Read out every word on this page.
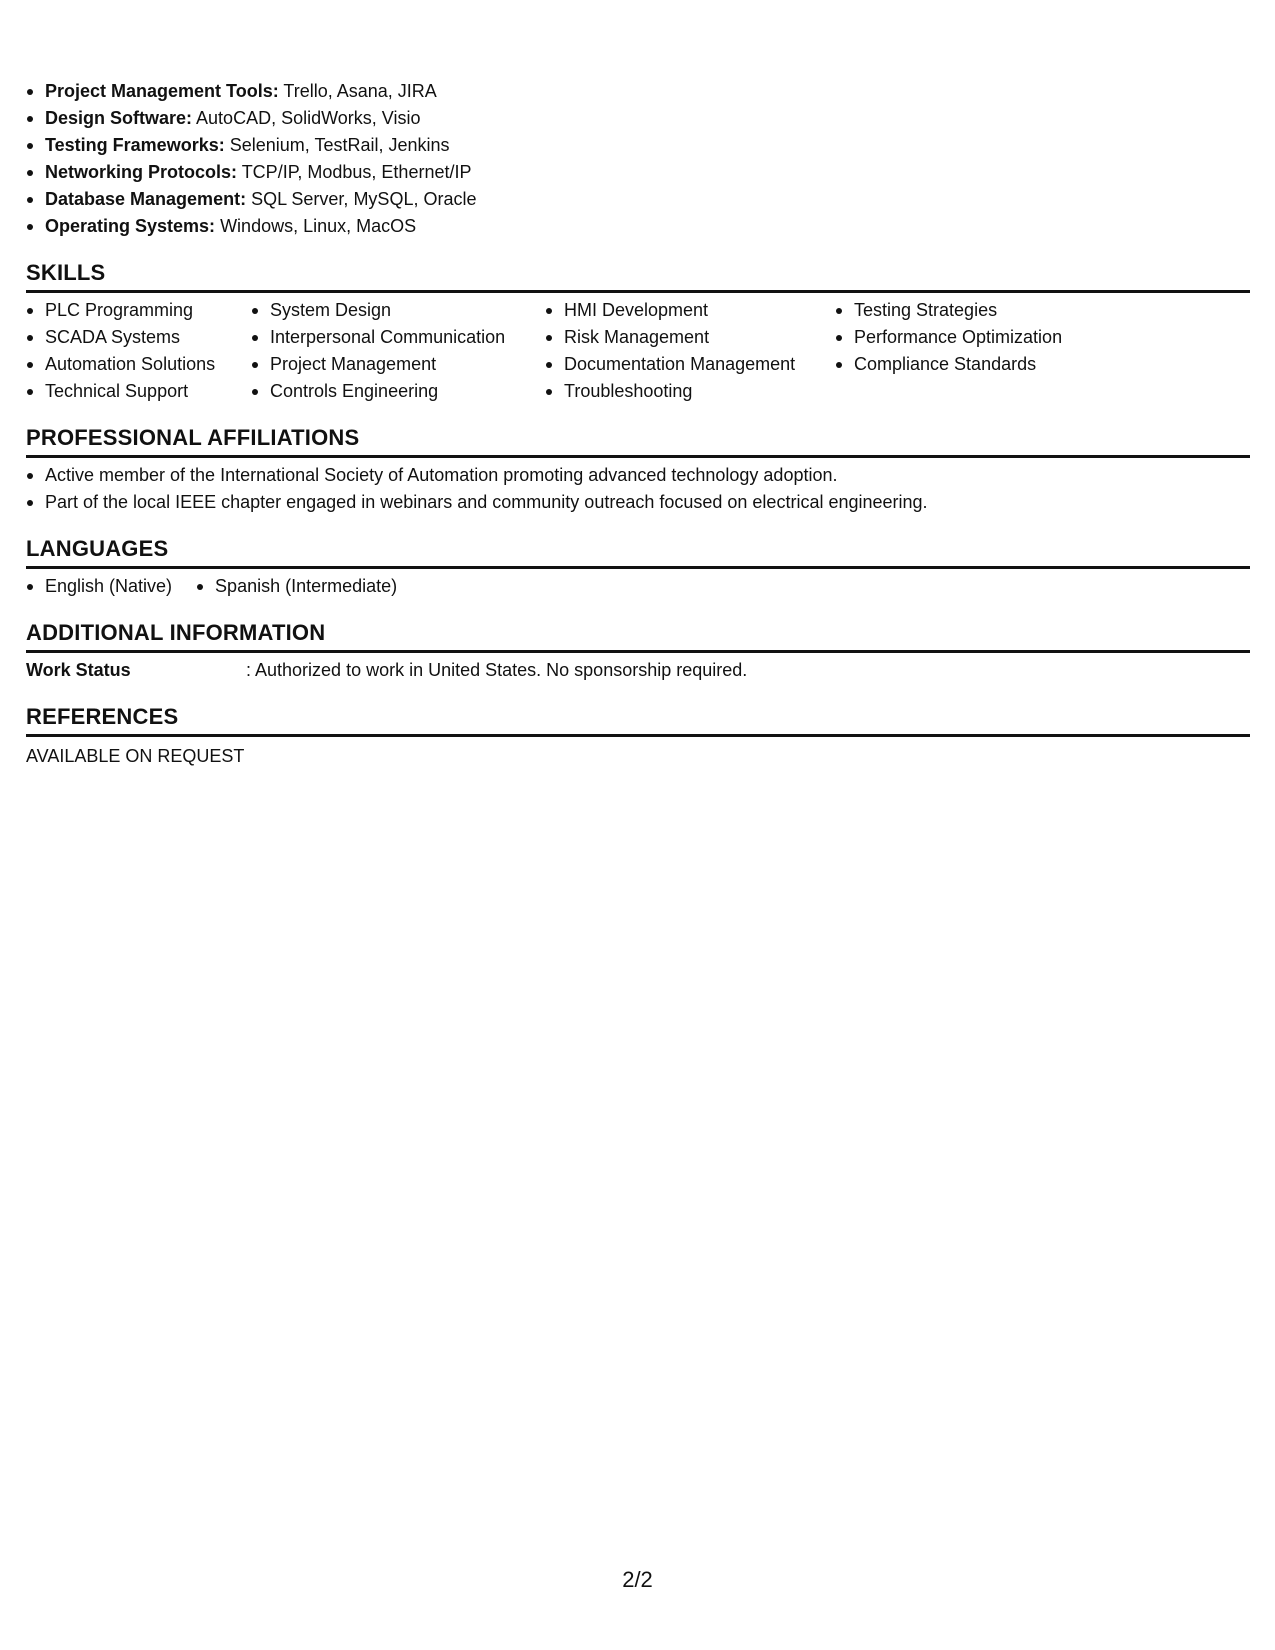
Project Management Tools: Trello, Asana, JIRA
Design Software: AutoCAD, SolidWorks, Visio
Testing Frameworks: Selenium, TestRail, Jenkins
Networking Protocols: TCP/IP, Modbus, Ethernet/IP
Database Management: SQL Server, MySQL, Oracle
Operating Systems: Windows, Linux, MacOS
SKILLS
PLC Programming
SCADA Systems
Automation Solutions
Technical Support
System Design
Interpersonal Communication
Project Management
Controls Engineering
HMI Development
Risk Management
Documentation Management
Troubleshooting
Testing Strategies
Performance Optimization
Compliance Standards
PROFESSIONAL AFFILIATIONS
Active member of the International Society of Automation promoting advanced technology adoption.
Part of the local IEEE chapter engaged in webinars and community outreach focused on electrical engineering.
LANGUAGES
English (Native)	Spanish (Intermediate)
ADDITIONAL INFORMATION
Work Status	: Authorized to work in United States. No sponsorship required.
REFERENCES
AVAILABLE ON REQUEST
2/2
